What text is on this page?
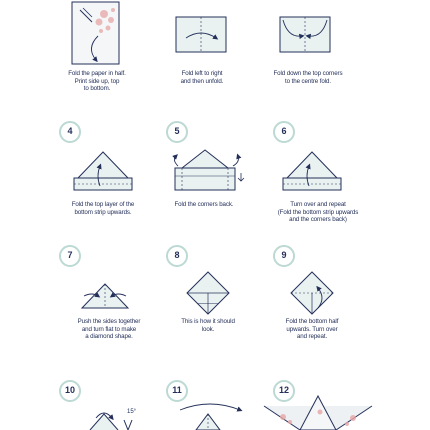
15°
4	5	6
7	8	9
10	11	12
Fold the paper in half.
Print side up, top
to bottom.
Fold left to right
and then unfold.
Fold down the top corners
to the centre fold.
Fold the top layer of the
bottom strip upwards.
Fold the corners back.	Turn over and repeat
(Fold the bottom strip upwards
and the corners back)
Push the sides together
and turn flat to make
a diamond shape.
This is how it should
look.
Fold the bottom half
upwards. Turn over
and repeat.
